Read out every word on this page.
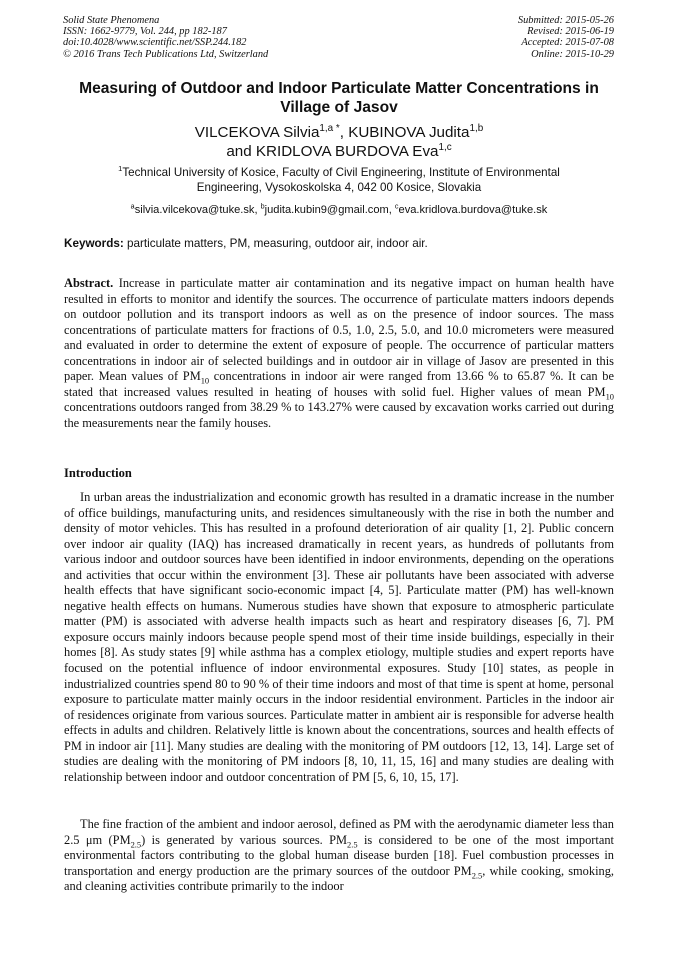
Solid State Phenomena
ISSN: 1662-9779, Vol. 244, pp 182-187
doi:10.4028/www.scientific.net/SSP.244.182
© 2016 Trans Tech Publications Ltd, Switzerland
Submitted: 2015-05-26
Revised: 2015-06-19
Accepted: 2015-07-08
Online: 2015-10-29
Measuring of Outdoor and Indoor Particulate Matter Concentrations in
Village of Jasov
VILCEKOVA Silvia$^{1,a *}$, KUBINOVA Judita$^{1,b}$
and KRIDLOVA BURDOVA Eva$^{1,c}$
$^1$Technical University of Kosice, Faculty of Civil Engineering, Institute of Environmental
Engineering, Vysokoskolska 4, 042 00 Kosice, Slovakia
$^a$silvia.vilcekova@tuke.sk, $^b$judita.kubin9@gmail.com, $^c$eva.kridlova.burdova@tuke.sk
Keywords: particulate matters, PM, measuring, outdoor air, indoor air.
Abstract. Increase in particulate matter air contamination and its negative impact on human health have resulted in efforts to monitor and identify the sources. The occurrence of particulate matters indoors depends on outdoor pollution and its transport indoors as well as on the presence of indoor sources. The mass concentrations of particulate matters for fractions of 0.5, 1.0, 2.5, 5.0, and 10.0 micrometers were measured and evaluated in order to determine the extent of exposure of people. The occurrence of particular matters concentrations in indoor air of selected buildings and in outdoor air in village of Jasov are presented in this paper. Mean values of $PM_{10}$ concentrations in indoor air were ranged from 13.66 % to 65.87 %. It can be stated that increased values resulted in heating of houses with solid fuel. Higher values of mean $PM_{10}$ concentrations outdoors ranged from 38.29 % to 143.27% were caused by excavation works carried out during the measurements near the family houses.
Introduction
In urban areas the industrialization and economic growth has resulted in a dramatic increase in the number of office buildings, manufacturing units, and residences simultaneously with the rise in both the number and density of motor vehicles. This has resulted in a profound deterioration of air quality [1, 2]. Public concern over indoor air quality (IAQ) has increased dramatically in recent years, as hundreds of pollutants from various indoor and outdoor sources have been identified in indoor environments, depending on the operations and activities that occur within the environment [3]. These air pollutants have been associated with adverse health effects that have significant socio-economic impact [4, 5]. Particulate matter (PM) has well-known negative health effects on humans. Numerous studies have shown that exposure to atmospheric particulate matter (PM) is associated with adverse health impacts such as heart and respiratory diseases [6, 7]. PM exposure occurs mainly indoors because people spend most of their time inside buildings, especially in their homes [8]. As study states [9] while asthma has a complex etiology, multiple studies and expert reports have focused on the potential influence of indoor environmental exposures. Study [10] states, as people in industrialized countries spend 80 to 90 % of their time indoors and most of that time is spent at home, personal exposure to particulate matter mainly occurs in the indoor residential environment. Particles in the indoor air of residences originate from various sources. Particulate matter in ambient air is responsible for adverse health effects in adults and children. Relatively little is known about the concentrations, sources and health effects of PM in indoor air [11]. Many studies are dealing with the monitoring of PM outdoors [12, 13, 14]. Large set of studies are dealing with the monitoring of PM indoors [8, 10, 11, 15, 16] and many studies are dealing with relationship between indoor and outdoor concentration of PM [5, 6, 10, 15, 17].
The fine fraction of the ambient and indoor aerosol, defined as PM with the aerodynamic diameter less than 2.5 μm $(PM_{2.5})$ is generated by various sources. $PM_{2.5}$ is considered to be one of the most important environmental factors contributing to the global human disease burden [18]. Fuel combustion processes in transportation and energy production are the primary sources of the outdoor $PM_{2.5}$, while cooking, smoking, and cleaning activities contribute primarily to the indoor
